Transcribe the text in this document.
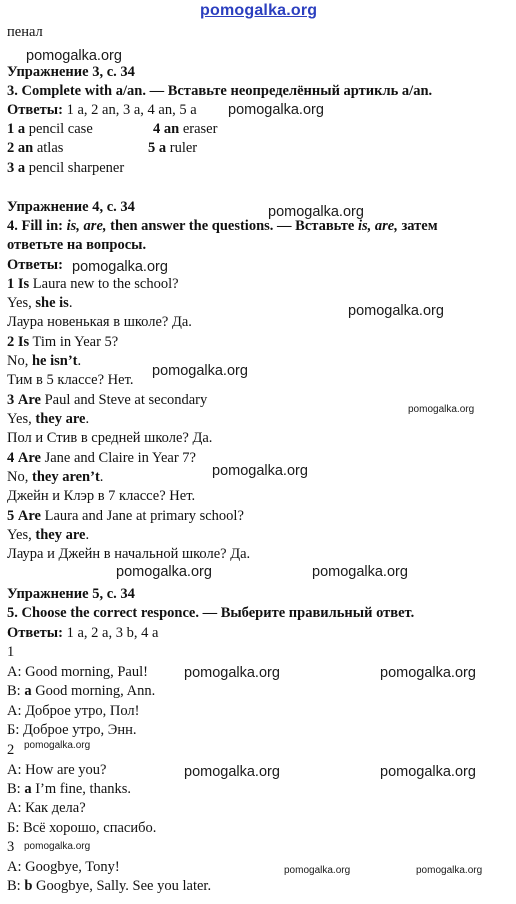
pomogalka.org
pomogalka.org
pomogalka.org
pomogalka.org
pomogalka.org
pomogalka.org
pomogalka.org
pomogalka.org
pomogalka.org
pomogalka.org	pomogalka.org
pomogalka.org	pomogalka.org
pomogalka.org
pomogalka.org	pomogalka.org
pomogalka.org
pomogalka.org	pomogalka.org
пенал
Упражнение 3, с. 34
3. Complete with a/an. — Вставьте неопределённый артикль a/an.
Ответы: 1 a, 2 an, 3 a, 4 an, 5 a
1 a pencil case	4 an eraser
2 an atlas	5 a ruler
3 a pencil sharpener
Упражнение 4, с. 34
4. Fill in: is, are, then answer the questions. — Вставьте is, are, затем
ответьте на вопросы.
Ответы:
1 Is Laura new to the school?
Yes, she is.
Лаура новенькая в школе? Да.
2 Is Tim in Year 5?
No, he isn’t.
Тим в 5 классе? Нет.
3 Are Paul and Steve at secondary
Yes, they are.
Пол и Стив в средней школе? Да.
4 Are Jane and Claire in Year 7?
No, they aren’t.
Джейн и Клэр в 7 классе? Нет.
5 Are Laura and Jane at primary school?
Yes, they are.
Лаура и Джейн в начальной школе? Да.
Упражнение 5, с. 34
5. Choose the correct responce. — Выберите правильный ответ.
Ответы: 1 a, 2 a, 3 b, 4 a
1
A: Good morning, Paul!
B: a Good morning, Ann.
А: Доброе утро, Пол!
Б: Доброе утро, Энн.
2
A: How are you?
B: a I’m fine, thanks.
А: Как дела?
Б: Всё хорошо, спасибо.
3
A: Googbye, Tony!
B: b Googbye, Sally. See you later.
